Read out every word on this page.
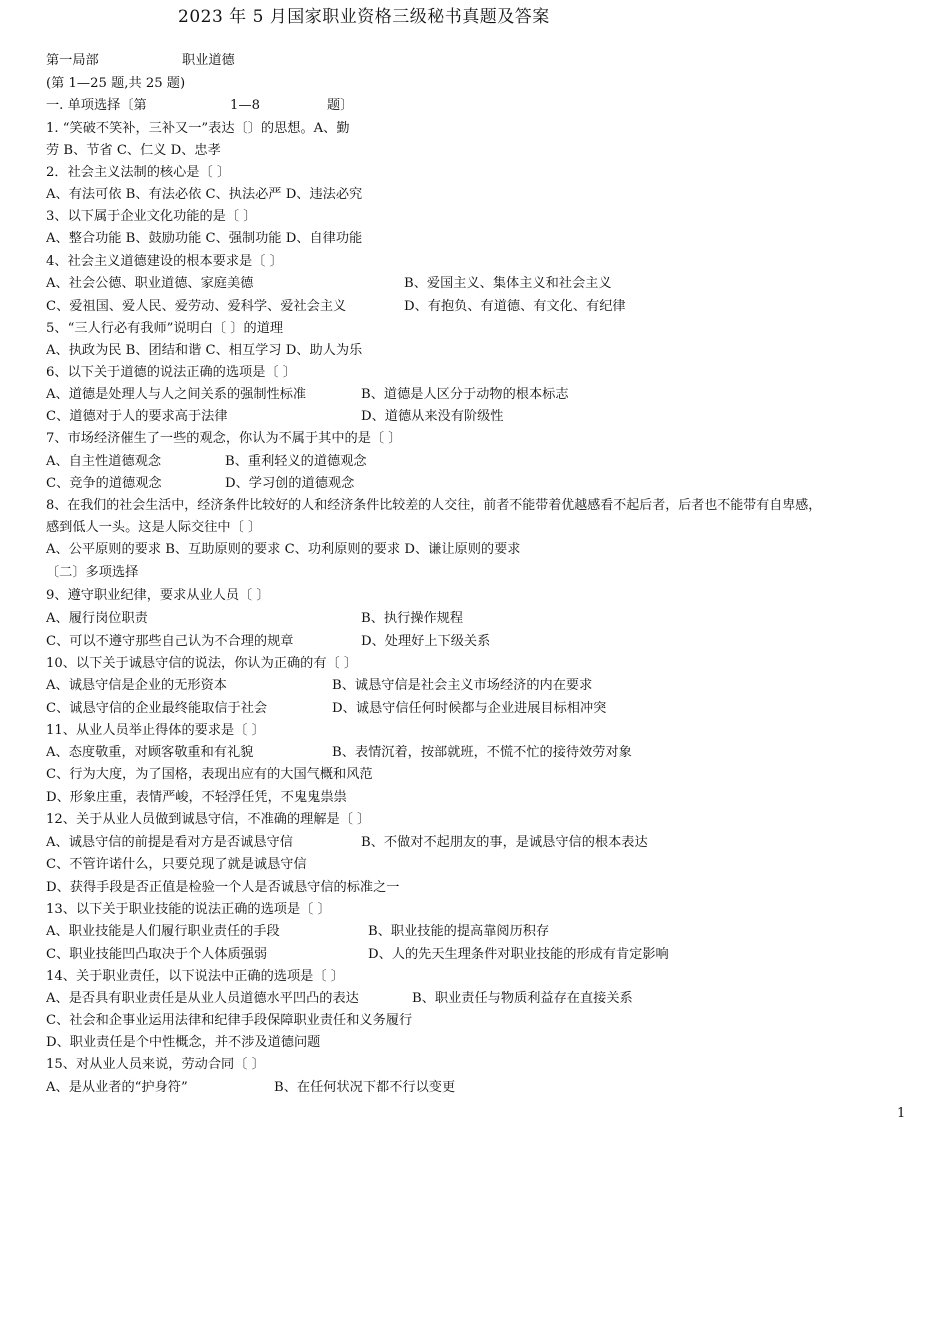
2023 年 5 月国家职业资格三级秘书真题及答案
第一局部	职业道德
(第 1—25 题,共 25 题)
一. 单项选择〔第	1—8	题〕
1. “笑破不笑补，三补又一”表达〔〕的思想。A、勤
劳 B、节省 C、仁义 D、忠孝
2．社会主义法制的核心是〔 〕
A、有法可依 B、有法必依 C、执法必严 D、违法必究
3、以下属于企业文化功能的是〔 〕
A、整合功能 B、鼓励功能 C、强制功能 D、自律功能
4、社会主义道德建设的根本要求是〔 〕
A、社会公德、职业道德、家庭美德	B、爱国主义、集体主义和社会主义
C、爱祖国、爱人民、爱劳动、爱科学、爱社会主义	D、有抱负、有道德、有文化、有纪律
5、“三人行必有我师”说明白〔 〕的道理
A、执政为民 B、团结和谐 C、相互学习 D、助人为乐
6、以下关于道德的说法正确的选项是〔 〕
A、道德是处理人与人之间关系的强制性标准	B、道德是人区分于动物的根本标志
C、道德对于人的要求高于法律	D、道德从来没有阶级性
7、市场经济催生了一些的观念，你认为不属于其中的是〔 〕
A、自主性道德观念	B、重利轻义的道德观念
C、竞争的道德观念	D、学习创的道德观念
8、在我们的社会生活中，经济条件比较好的人和经济条件比较差的人交往，前者不能带着优越感看不起后者，后者也不能带有自卑感，
感到低人一头。这是人际交往中〔 〕
A、公平原则的要求 B、互助原则的要求 C、功利原则的要求 D、谦让原则的要求
〔二〕多项选择
9、遵守职业纪律，要求从业人员〔 〕
A、履行岗位职责	B、执行操作规程
C、可以不遵守那些自己认为不合理的规章	D、处理好上下级关系
10、以下关于诚恳守信的说法，你认为正确的有〔 〕
A、诚恳守信是企业的无形资本	B、诚恳守信是社会主义市场经济的内在要求
C、诚恳守信的企业最终能取信于社会	D、诚恳守信任何时候都与企业进展目标相冲突
11、从业人员举止得体的要求是〔 〕
A、态度敬重，对顾客敬重和有礼貌	B、表情沉着，按部就班，不慌不忙的接待效劳对象
C、行为大度，为了国格，表现出应有的大国气概和风范
D、形象庄重，表情严峻，不轻浮任凭，不鬼鬼祟祟
12、关于从业人员做到诚恳守信，不准确的理解是〔 〕
A、诚恳守信的前提是看对方是否诚恳守信	B、不做对不起朋友的事，是诚恳守信的根本表达
C、不管许诺什么，只要兑现了就是诚恳守信
D、获得手段是否正值是检验一个人是否诚恳守信的标准之一
13、以下关于职业技能的说法正确的选项是〔 〕
A、职业技能是人们履行职业责任的手段	B、职业技能的提高靠阅历积存
C、职业技能凹凸取决于个人体质强弱	D、人的先天生理条件对职业技能的形成有肯定影响
14、关于职业责任，以下说法中正确的选项是〔 〕
A、是否具有职业责任是从业人员道德水平凹凸的表达	B、职业责任与物质利益存在直接关系
C、社会和企事业运用法律和纪律手段保障职业责任和义务履行
D、职业责任是个中性概念，并不涉及道德问题
15、对从业人员来说，劳动合同〔 〕
A、是从业者的“护身符”	B、在任何状况下都不行以变更
1
